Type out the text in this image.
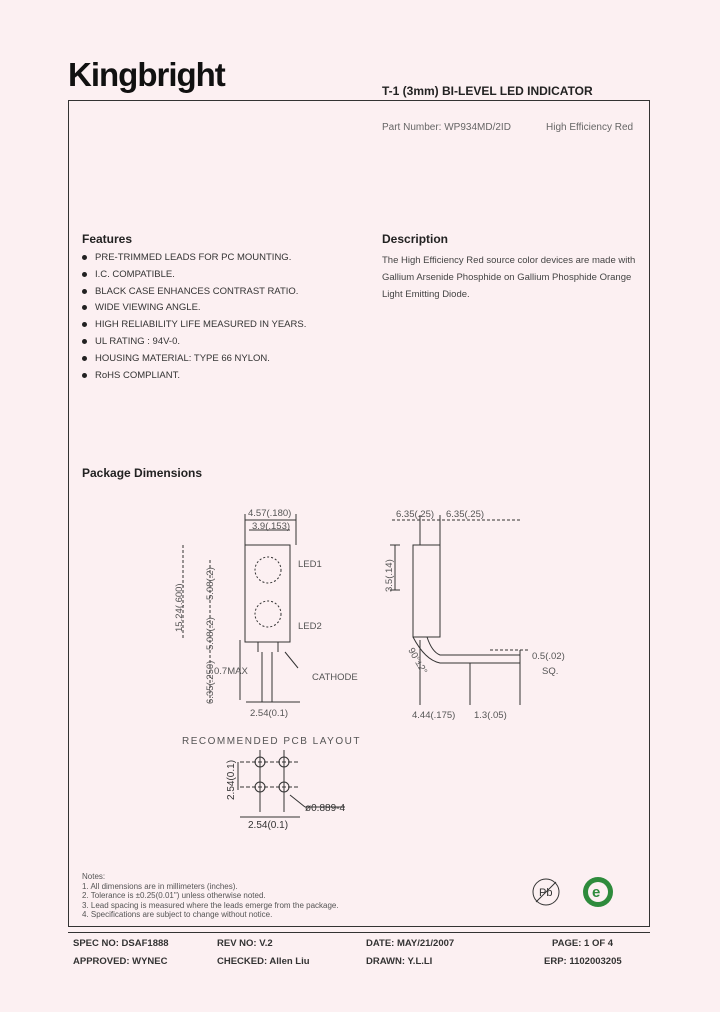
Kingbright	T-1 (3mm) BI-LEVEL LED INDICATOR
Part Number: WP934MD/2ID	High Efficiency Red
Features
PRE-TRIMMED LEADS FOR PC MOUNTING.
I.C. COMPATIBLE.
BLACK CASE ENHANCES CONTRAST RATIO.
WIDE VIEWING ANGLE.
HIGH RELIABILITY LIFE MEASURED IN YEARS.
UL RATING : 94V-0.
HOUSING MATERIAL: TYPE 66 NYLON.
RoHS COMPLIANT.
Description
The High Efficiency Red source color devices are made with
Gallium Arsenide Phosphide on Gallium Phosphide Orange
Light Emitting Diode.
Package Dimensions
4.57(.180)
3.9(.153)
LED1
LED2
15.24(.600) 5.08(.2)
5.08(.2)
6.35(.250)
0.7MAX
CATHODE
2.54(0.1)
6.35(.25) 6.35(.25)
3.5(.14)
90°±2°	0.5(.02)
SQ.
4.44(.175) 1.3(.05)
RECOMMENDED PCB LAYOUT
2.54(0.1)
2.54(0.1)
ø0.889-4
Notes:
1. All dimensions are in millimeters (inches).
2. Tolerance is ±0.25(0.01") unless otherwise noted.
3. Lead spacing is measured where the leads emerge from the package.
4. Specifications are subject to change without notice.
Pb	e
SPEC NO: DSAF1888	REV NO: V.2	DATE: MAY/21/2007	PAGE: 1 OF 4
APPROVED: WYNEC	CHECKED: Allen Liu	DRAWN: Y.L.LI	ERP: 1102003205
